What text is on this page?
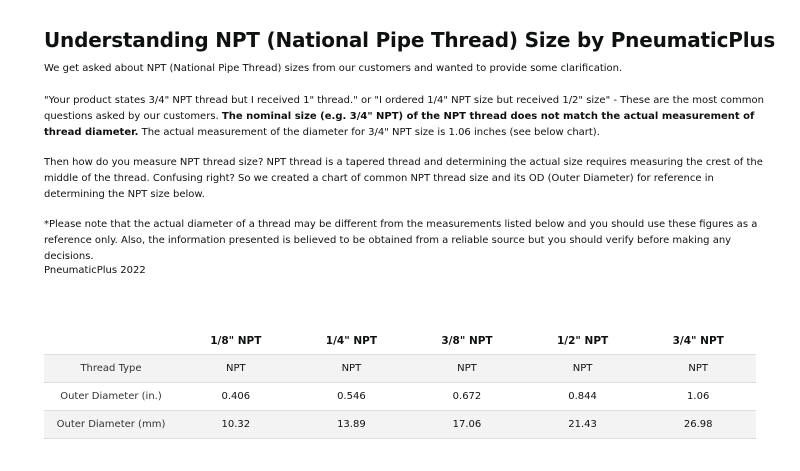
Understanding NPT (National Pipe Thread) Size by PneumaticPlus

We get asked about NPT (National Pipe Thread) sizes from our customers and wanted to provide some clarification.

"Your product states 3/4" NPT thread but I received 1" thread." or "I ordered 1/4" NPT size but received 1/2" size" - These are the most common questions asked by our customers. The nominal size (e.g. 3/4" NPT) of the NPT thread does not match the actual measurement of thread diameter. The actual measurement of the diameter for 3/4" NPT size is 1.06 inches (see below chart).

Then how do you measure NPT thread size? NPT thread is a tapered thread and determining the actual size requires measuring the crest of the middle of the thread. Confusing right? So we created a chart of common NPT thread size and its OD (Outer Diameter) for reference in determining the NPT size below.

*Please note that the actual diameter of a thread may be different from the measurements listed below and you should use these figures as a reference only. Also, the information presented is believed to be obtained from a reliable source but you should verify before making any decisions.

PneumaticPlus 2022

	1/8" NPT	1/4" NPT	3/8" NPT	1/2" NPT	3/4" NPT
Thread Type	NPT	NPT	NPT	NPT	NPT
Outer Diameter (in.)	0.406	0.546	0.672	0.844	1.06
Outer Diameter (mm)	10.32	13.89	17.06	21.43	26.98
